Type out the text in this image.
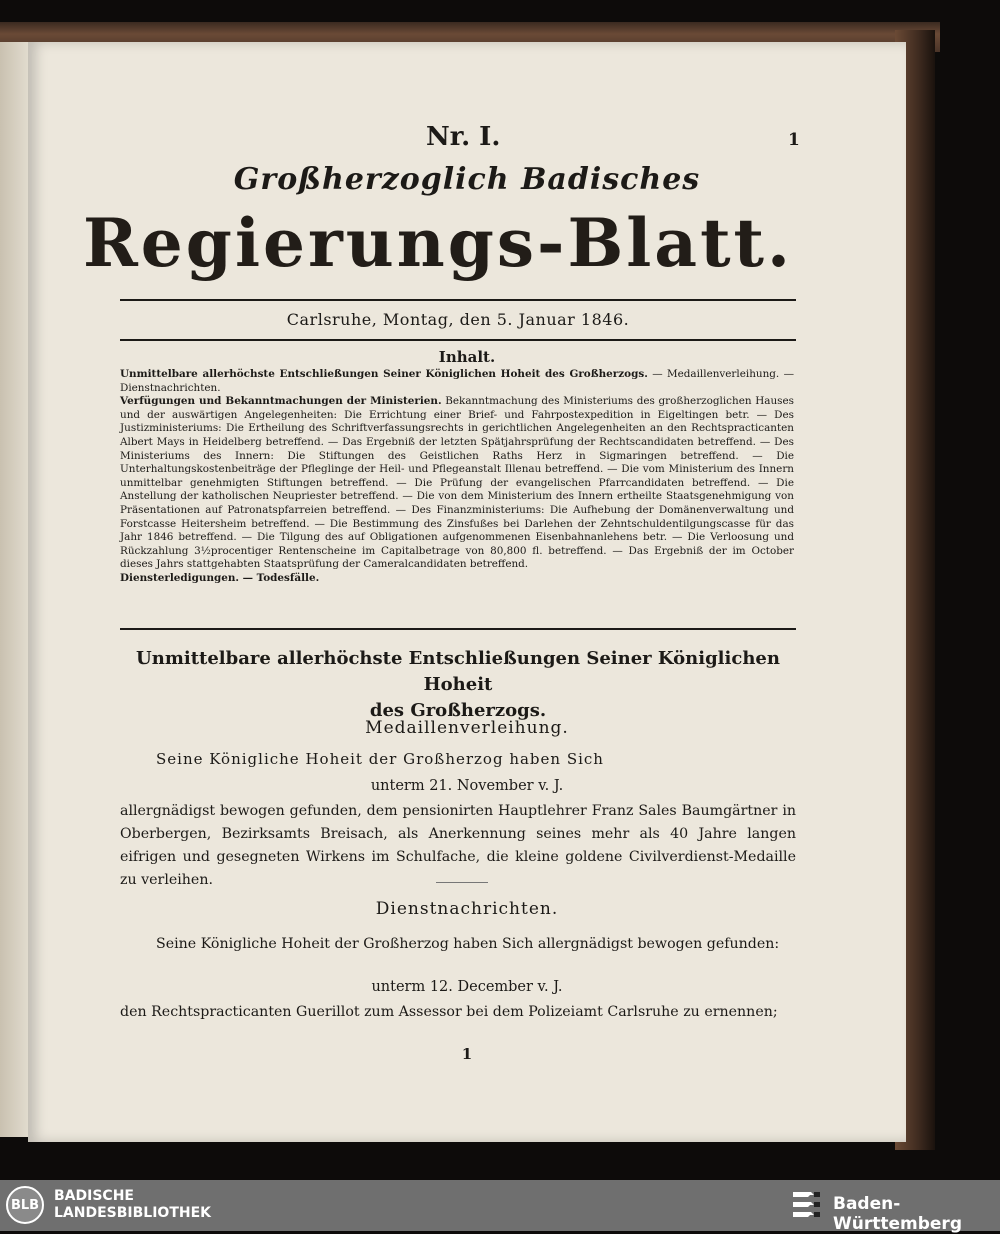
Nr. I.	1
Großherzoglich Badisches
Regierungs-Blatt.
Carlsruhe, Montag, den 5. Januar 1846.
Inhalt.
Unmittelbare allerhöchste Entschließungen Seiner Königlichen Hoheit des Großherzogs. — Medaillenverleihung. — Dienstnachrichten.
Verfügungen und Bekanntmachungen der Ministerien. Bekanntmachung des Ministeriums des großherzoglichen Hauses und der auswärtigen Angelegenheiten: Die Errichtung einer Brief- und Fahrpostexpedition in Eigeltingen betr. — Des Justizministeriums: Die Ertheilung des Schriftverfassungsrechts in gerichtlichen Angelegenheiten an den Rechtspracticanten Albert Mays in Heidelberg betreffend. — Das Ergebniß der letzten Spätjahrsprüfung der Rechtscandidaten betreffend. — Des Ministeriums des Innern: Die Stiftungen des Geistlichen Raths Herz in Sigmaringen betreffend. — Die Unterhaltungskostenbeiträge der Pfleglinge der Heil- und Pflegeanstalt Illenau betreffend. — Die vom Ministerium des Innern unmittelbar genehmigten Stiftungen betreffend. — Die Prüfung der evangelischen Pfarrcandidaten betreffend. — Die Anstellung der katholischen Neupriester betreffend. — Die von dem Ministerium des Innern ertheilte Staatsgenehmigung von Präsentationen auf Patronatspfarreien betreffend. — Des Finanzministeriums: Die Aufhebung der Domänenverwaltung und Forstcasse Heitersheim betreffend. — Die Bestimmung des Zinsfußes bei Darlehen der Zehntschuldentilgungscasse für das Jahr 1846 betreffend. — Die Tilgung des auf Obligationen aufgenommenen Eisenbahnanlehens betr. — Die Verloosung und Rückzahlung 3½procentiger Rentenscheine im Capitalbetrage von 80,800 fl. betreffend. — Das Ergebniß der im October dieses Jahrs stattgehabten Staatsprüfung der Cameralcandidaten betreffend.
Diensterledigungen. — Todesfälle.
Unmittelbare allerhöchste Entschließungen Seiner Königlichen Hoheit
des Großherzogs.
Medaillenverleihung.
Seine Königliche Hoheit der Großherzog haben Sich
unterm 21. November v. J.
allergnädigst bewogen gefunden, dem pensionirten Hauptlehrer Franz Sales Baumgärtner in Oberbergen, Bezirksamts Breisach, als Anerkennung seines mehr als 40 Jahre langen eifrigen und gesegneten Wirkens im Schulfache, die kleine goldene Civilverdienst-Medaille zu verleihen.
Dienstnachrichten.
Seine Königliche Hoheit der Großherzog haben Sich allergnädigst bewogen gefunden:
unterm 12. December v. J.
den Rechtspracticanten Guerillot zum Assessor bei dem Polizeiamt Carlsruhe zu ernennen;
1
BLB
BADISCHE
LANDESBIBLIOTHEK	Baden-Württemberg
